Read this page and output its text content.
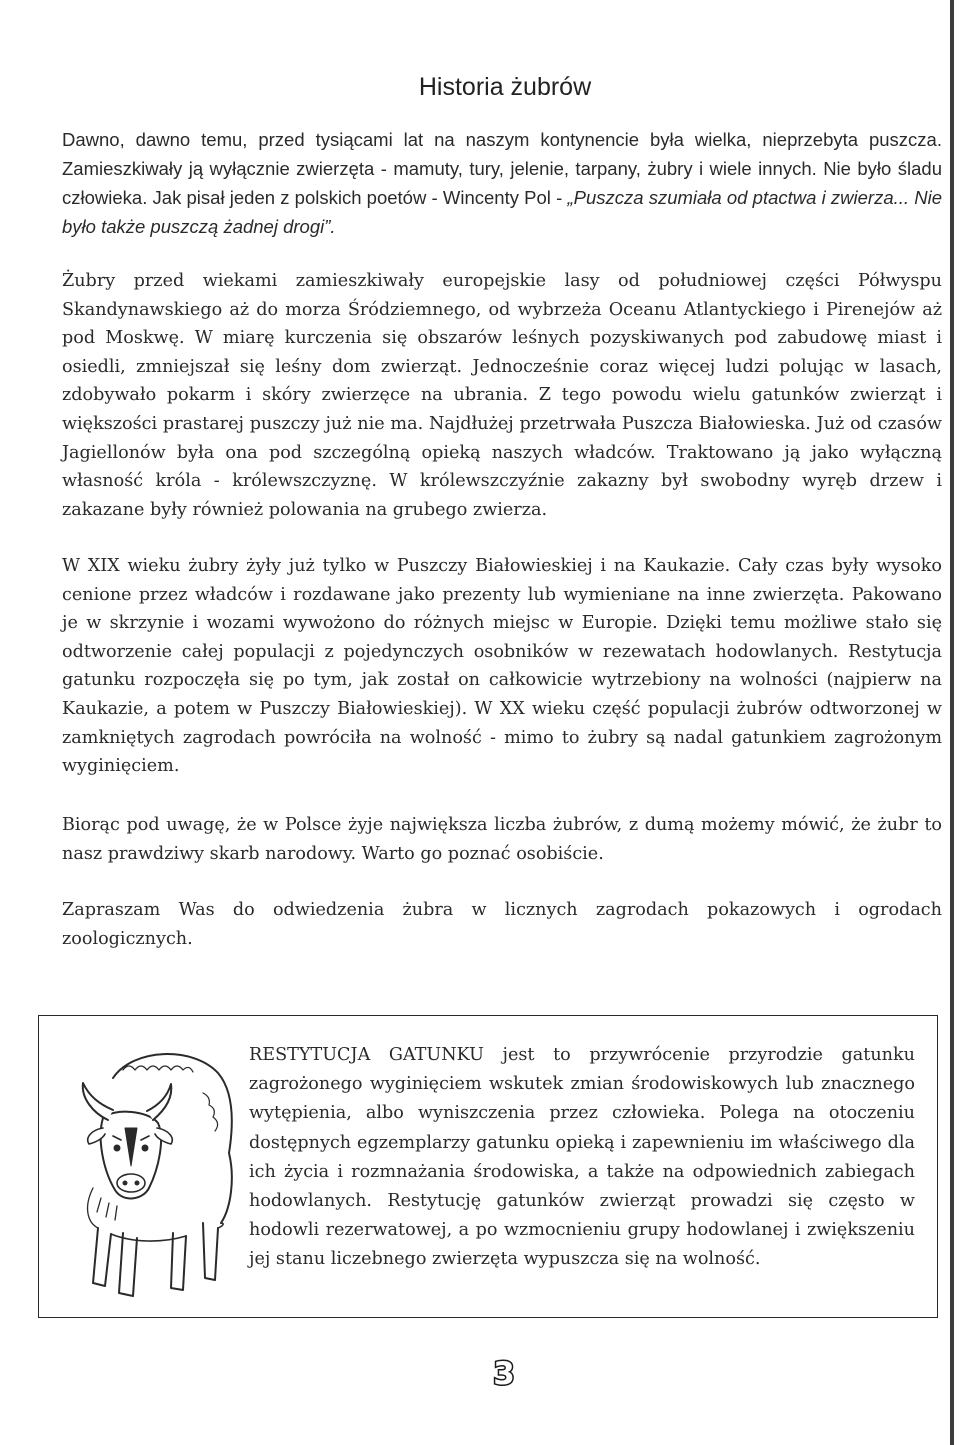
Historia żubrów

Dawno, dawno temu, przed tysiącami lat na naszym kontynencie była wielka, nieprzebyta puszcza. Zamieszkiwały ją wyłącznie zwierzęta - mamuty, tury, jelenie, tarpany, żubry i wiele innych. Nie było śladu człowieka. Jak pisał jeden z polskich poetów - Wincenty Pol - „Puszcza szumiała od ptactwa i zwierza... Nie było także puszczą żadnej drogi”.

Żubry przed wiekami zamieszkiwały europejskie lasy od południowej części Półwyspu Skandynawskiego aż do morza Śródziemnego, od wybrzeża Oceanu Atlantyckiego i Pirenejów aż pod Moskwę. W miarę kurczenia się obszarów leśnych pozyskiwanych pod zabudowę miast i osiedli, zmniejszał się leśny dom zwierząt. Jednocześnie coraz więcej ludzi polując w lasach, zdobywało pokarm i skóry zwierzęce na ubrania. Z tego powodu wielu gatunków zwierząt i większości prastarej puszczy już nie ma. Najdłużej przetrwała Puszcza Białowieska. Już od czasów Jagiellonów była ona pod szczególną opieką naszych władców. Traktowano ją jako wyłączną własność króla - królewszczyznę. W królewszczyźnie zakazny był swobodny wyręb drzew i zakazane były również polowania na grubego zwierza.

W XIX wieku żubry żyły już tylko w Puszczy Białowieskiej i na Kaukazie. Cały czas były wysoko cenione przez władców i rozdawane jako prezenty lub wymieniane na inne zwierzęta. Pakowano je w skrzynie i wozami wywożono do różnych miejsc w Europie. Dzięki temu możliwe stało się odtworzenie całej populacji z pojedynczych osobników w rezewatach hodowlanych. Restytucja gatunku rozpoczęła się po tym, jak został on całkowicie wytrzebiony na wolności (najpierw na Kaukazie, a potem w Puszczy Białowieskiej). W XX wieku część populacji żubrów odtworzonej w zamkniętych zagrodach powróciła na wolność - mimo to żubry są nadal gatunkiem zagrożonym wyginięciem.

Biorąc pod uwagę, że w Polsce żyje największa liczba żubrów, z dumą możemy mówić, że żubr to nasz prawdziwy skarb narodowy. Warto go poznać osobiście.

Zapraszam Was do odwiedzenia żubra w licznych zagrodach pokazowych i ogrodach zoologicznych.

RESTYTUCJA GATUNKU jest to przywrócenie przyrodzie gatunku zagrożonego wyginięciem wskutek zmian środowiskowych lub znacznego wytępienia, albo wyniszczenia przez człowieka. Polega na otoczeniu dostępnych egzemplarzy gatunku opieką i zapewnieniu im właściwego dla ich życia i rozmnażania środowiska, a także na odpowiednich zabiegach hodowlanych. Restytucję gatunków zwierząt prowadzi się często w hodowli rezerwatowej, a po wzmocnieniu grupy hodowlanej i zwiększeniu jej stanu liczebnego zwierzęta wypuszcza się na wolność.

3
